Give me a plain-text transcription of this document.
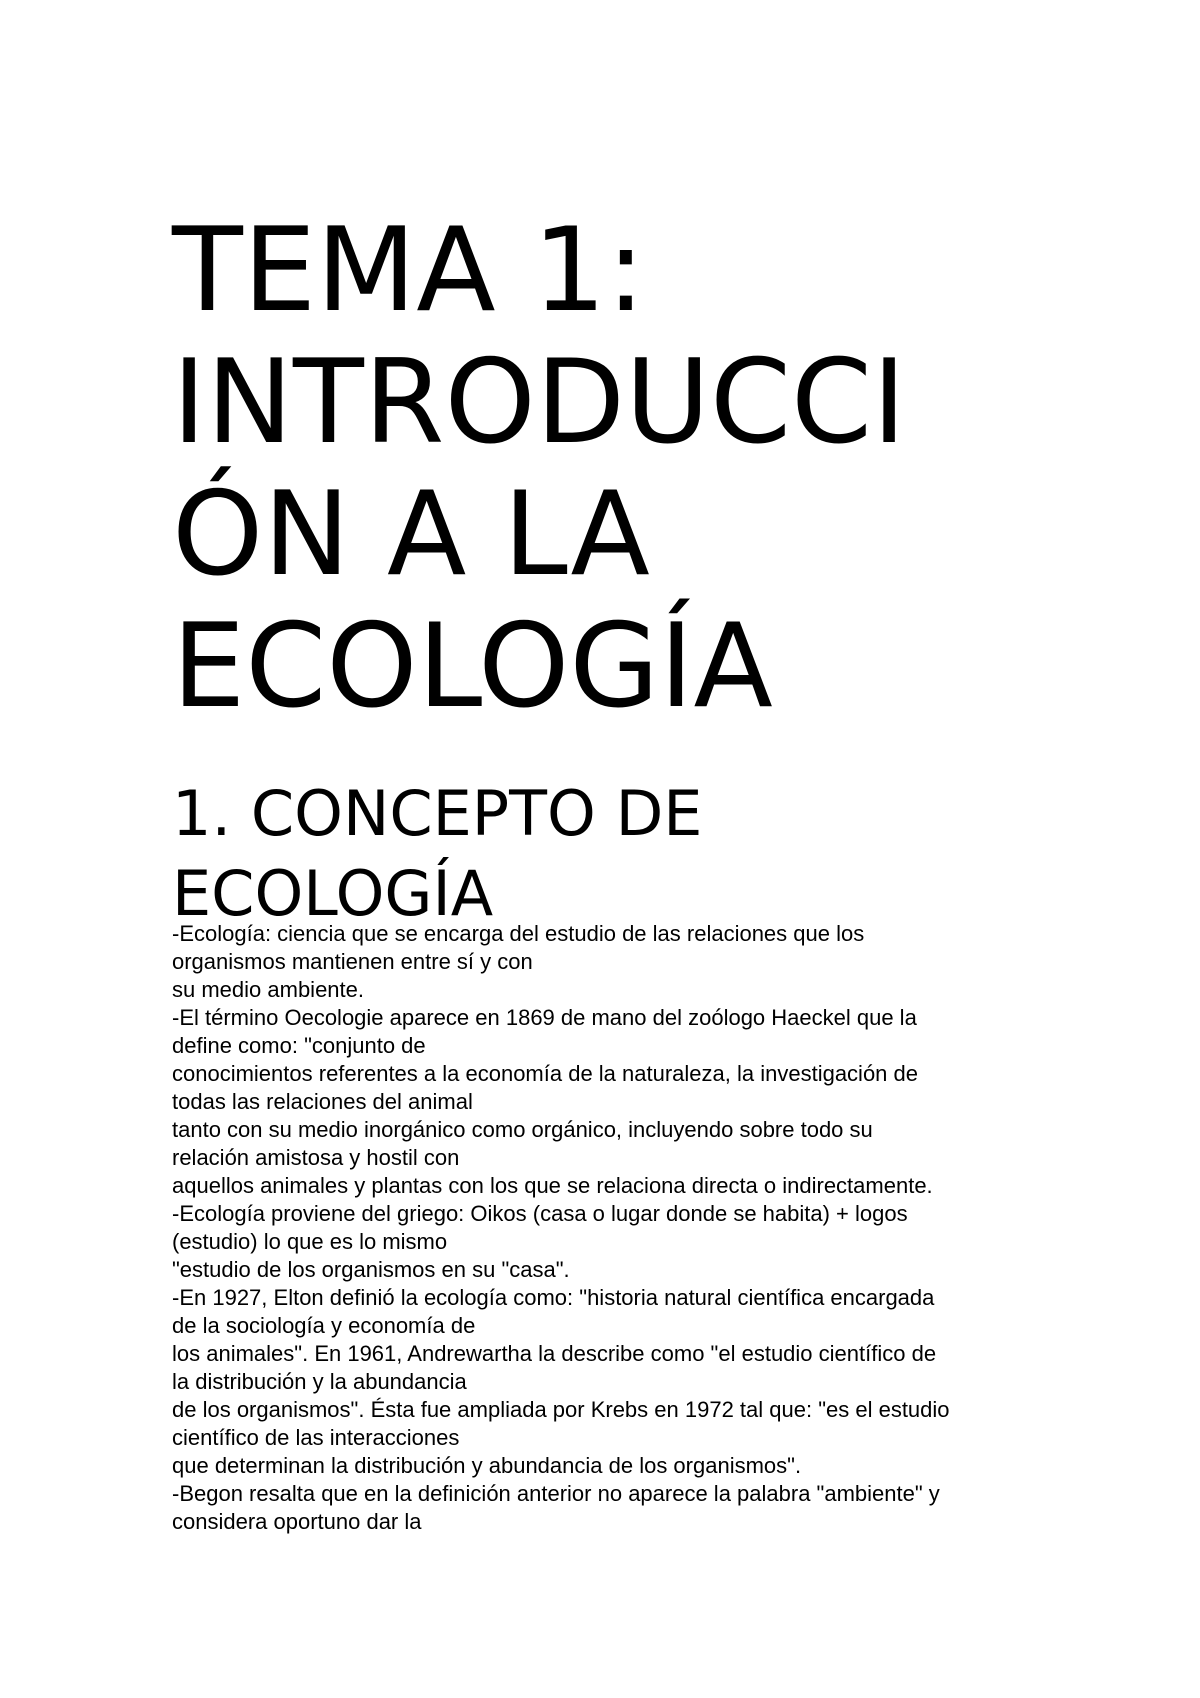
TEMA 1:
INTRODUCCI
ÓN A LA
ECOLOGÍA
1. CONCEPTO DE
ECOLOGÍA
-Ecología: ciencia que se encarga del estudio de las relaciones que los
organismos mantienen entre sí y con
su medio ambiente.
-El término Oecologie aparece en 1869 de mano del zoólogo Haeckel que la
define como: "conjunto de
conocimientos referentes a la economía de la naturaleza, la investigación de
todas las relaciones del animal
tanto con su medio inorgánico como orgánico, incluyendo sobre todo su
relación amistosa y hostil con
aquellos animales y plantas con los que se relaciona directa o indirectamente.
-Ecología proviene del griego: Oikos (casa o lugar donde se habita) + logos
(estudio) lo que es lo mismo
"estudio de los organismos en su "casa".
-En 1927, Elton definió la ecología como: "historia natural científica encargada
de la sociología y economía de
los animales". En 1961, Andrewartha la describe como "el estudio científico de
la distribución y la abundancia
de los organismos". Ésta fue ampliada por Krebs en 1972 tal que: "es el estudio
científico de las interacciones
que determinan la distribución y abundancia de los organismos".
-Begon resalta que en la definición anterior no aparece la palabra "ambiente" y
considera oportuno dar la
